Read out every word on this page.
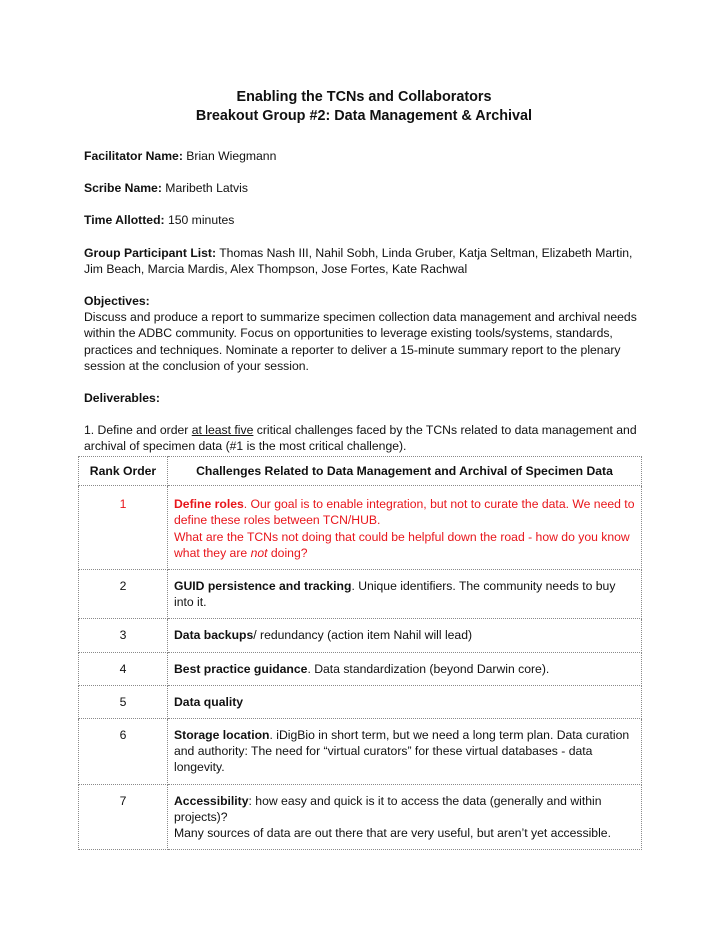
Enabling the TCNs and Collaborators

Breakout Group #2: Data Management & Archival

Facilitator Name: Brian Wiegmann

Scribe Name: Maribeth Latvis

Time Allotted: 150 minutes

Group Participant List: Thomas Nash III, Nahil Sobh, Linda Gruber, Katja Seltman, Elizabeth Martin, Jim Beach, Marcia Mardis, Alex Thompson, Jose Fortes, Kate Rachwal

Objectives:

Discuss and produce a report to summarize specimen collection data management and archival needs within the ADBC community. Focus on opportunities to leverage existing tools/systems, standards, practices and techniques. Nominate a reporter to deliver a 15-minute summary report to the plenary session at the conclusion of your session.

Deliverables:

1. Define and order at least five critical challenges faced by the TCNs related to data management and archival of specimen data (#1 is the most critical challenge).

Rank Order	Challenges Related to Data Management and Archival of Specimen Data
1	Define roles. Our goal is to enable integration, but not to curate the data. We need to define these roles between TCN/HUB.
What are the TCNs not doing that could be helpful down the road - how do you know what they are not doing?
2	GUID persistence and tracking. Unique identifiers. The community needs to buy into it.
3	Data backups/ redundancy (action item Nahil will lead)
4	Best practice guidance. Data standardization (beyond Darwin core).
5	Data quality
6	Storage location. iDigBio in short term, but we need a long term plan. Data curation and authority: The need for “virtual curators” for these virtual databases - data longevity.
7	Accessibility: how easy and quick is it to access the data (generally and within projects)?
Many sources of data are out there that are very useful, but aren’t yet accessible.
